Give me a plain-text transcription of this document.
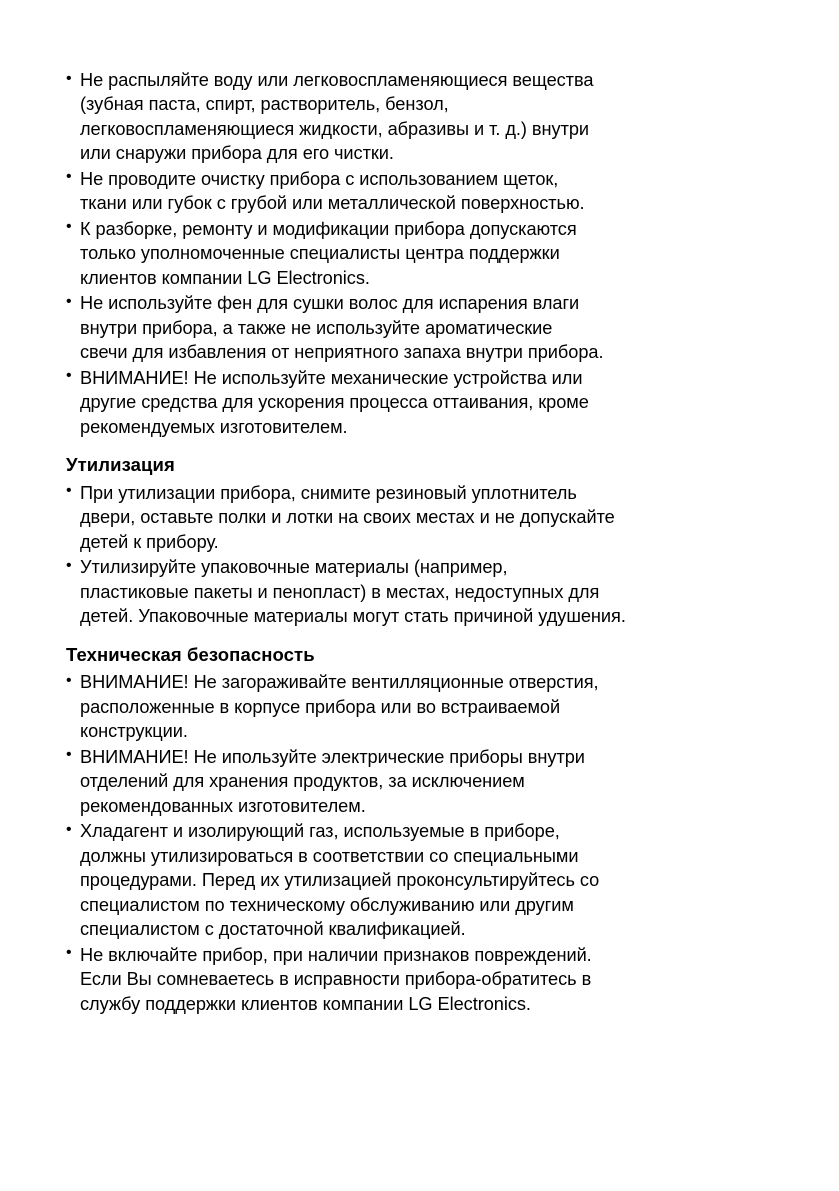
• Не распыляйте воду или легковоспламеняющиеся вещества
(зубная паста, спирт, растворитель, бензол,
легковоспламеняющиеся жидкости, абразивы и т. д.) внутри
или снаружи прибора для его чистки.
• Не проводите очистку прибора с использованием щеток,
ткани или губок с грубой или металлической поверхностью.
• К разборке, ремонту и модификации прибора допускаются
только уполномоченные специалисты центра поддержки
клиентов компании LG Electronics.
• Не используйте фен для сушки волос для испарения влаги
внутри прибора, а также не используйте ароматические
свечи для избавления от неприятного запаха внутри прибора.
• ВНИМАНИЕ! Не используйте механические устройства или
другие средства для ускорения процесса оттаивания, кроме
рекомендуемых изготовителем.
Утилизация
• При утилизации прибора, снимите резиновый уплотнитель
двери, оставьте полки и лотки на своих местах и не допускайте
детей к прибору.
• Утилизируйте упаковочные материалы (например,
пластиковые пакеты и пенопласт) в местах, недоступных для
детей. Упаковочные материалы могут стать причиной удушения.
Техническая безопасность
• ВНИМАНИЕ! Не загораживайте вентилляционные отверстия,
расположенные в корпусе прибора или во встраиваемой
конструкции.
• ВНИМАНИЕ! Не ипользуйте электрические приборы внутри
отделений для хранения продуктов, за исключением
рекомендованных изготовителем.
• Хладагент и изолирующий газ, используемые в приборе,
должны утилизироваться в соответствии со специальными
процедурами. Перед их утилизацией проконсультируйтесь со
специалистом по техническому обслуживанию или другим
специалистом с достаточной квалификацией.
• Не включайте прибор, при наличии признаков повреждений.
Если Вы сомневаетесь в исправности прибора-обратитесь в
службу поддержки клиентов компании LG Electronics.
